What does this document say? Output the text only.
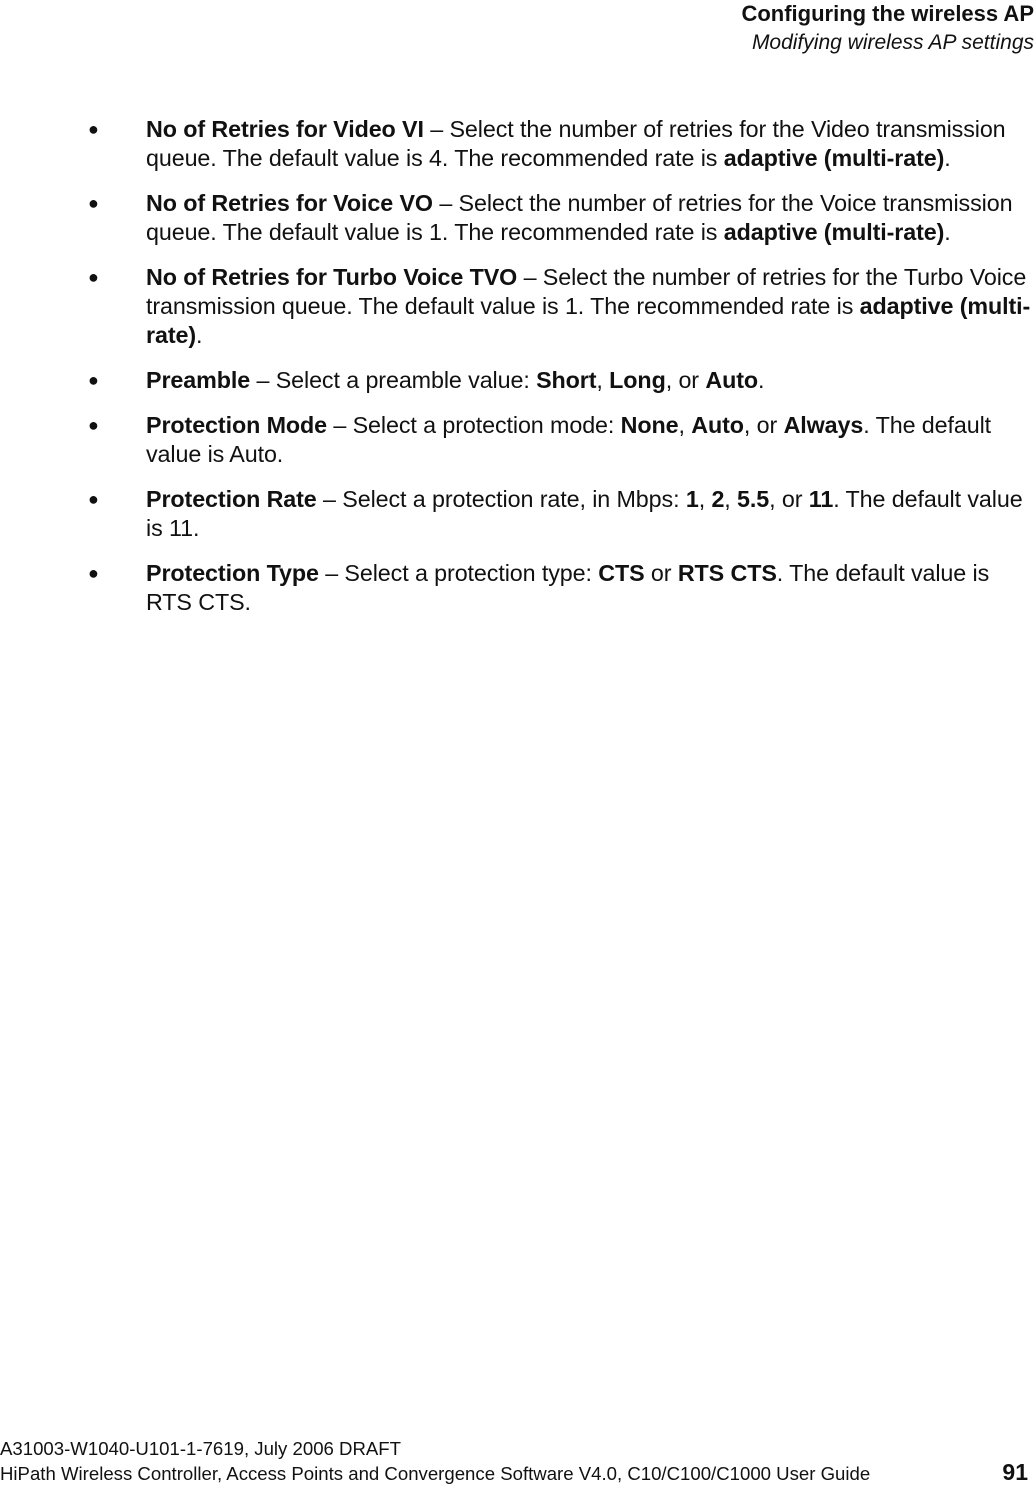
Configuring the wireless AP
Modifying wireless AP settings
● No of Retries for Video VI – Select the number of retries for the Video transmission queue. The default value is 4. The recommended rate is adaptive (multi-rate).
● No of Retries for Voice VO – Select the number of retries for the Voice transmission queue. The default value is 1. The recommended rate is adaptive (multi-rate).
● No of Retries for Turbo Voice TVO – Select the number of retries for the Turbo Voice transmission queue. The default value is 1. The recommended rate is adaptive (multi-rate).
● Preamble – Select a preamble value: Short, Long, or Auto.
● Protection Mode – Select a protection mode: None, Auto, or Always. The default value is Auto.
● Protection Rate – Select a protection rate, in Mbps: 1, 2, 5.5, or 11. The default value is 11.
● Protection Type – Select a protection type: CTS or RTS CTS. The default value is RTS CTS.
A31003-W1040-U101-1-7619, July 2006 DRAFT
HiPath Wireless Controller, Access Points and Convergence Software V4.0, C10/C100/C1000 User Guide	91
